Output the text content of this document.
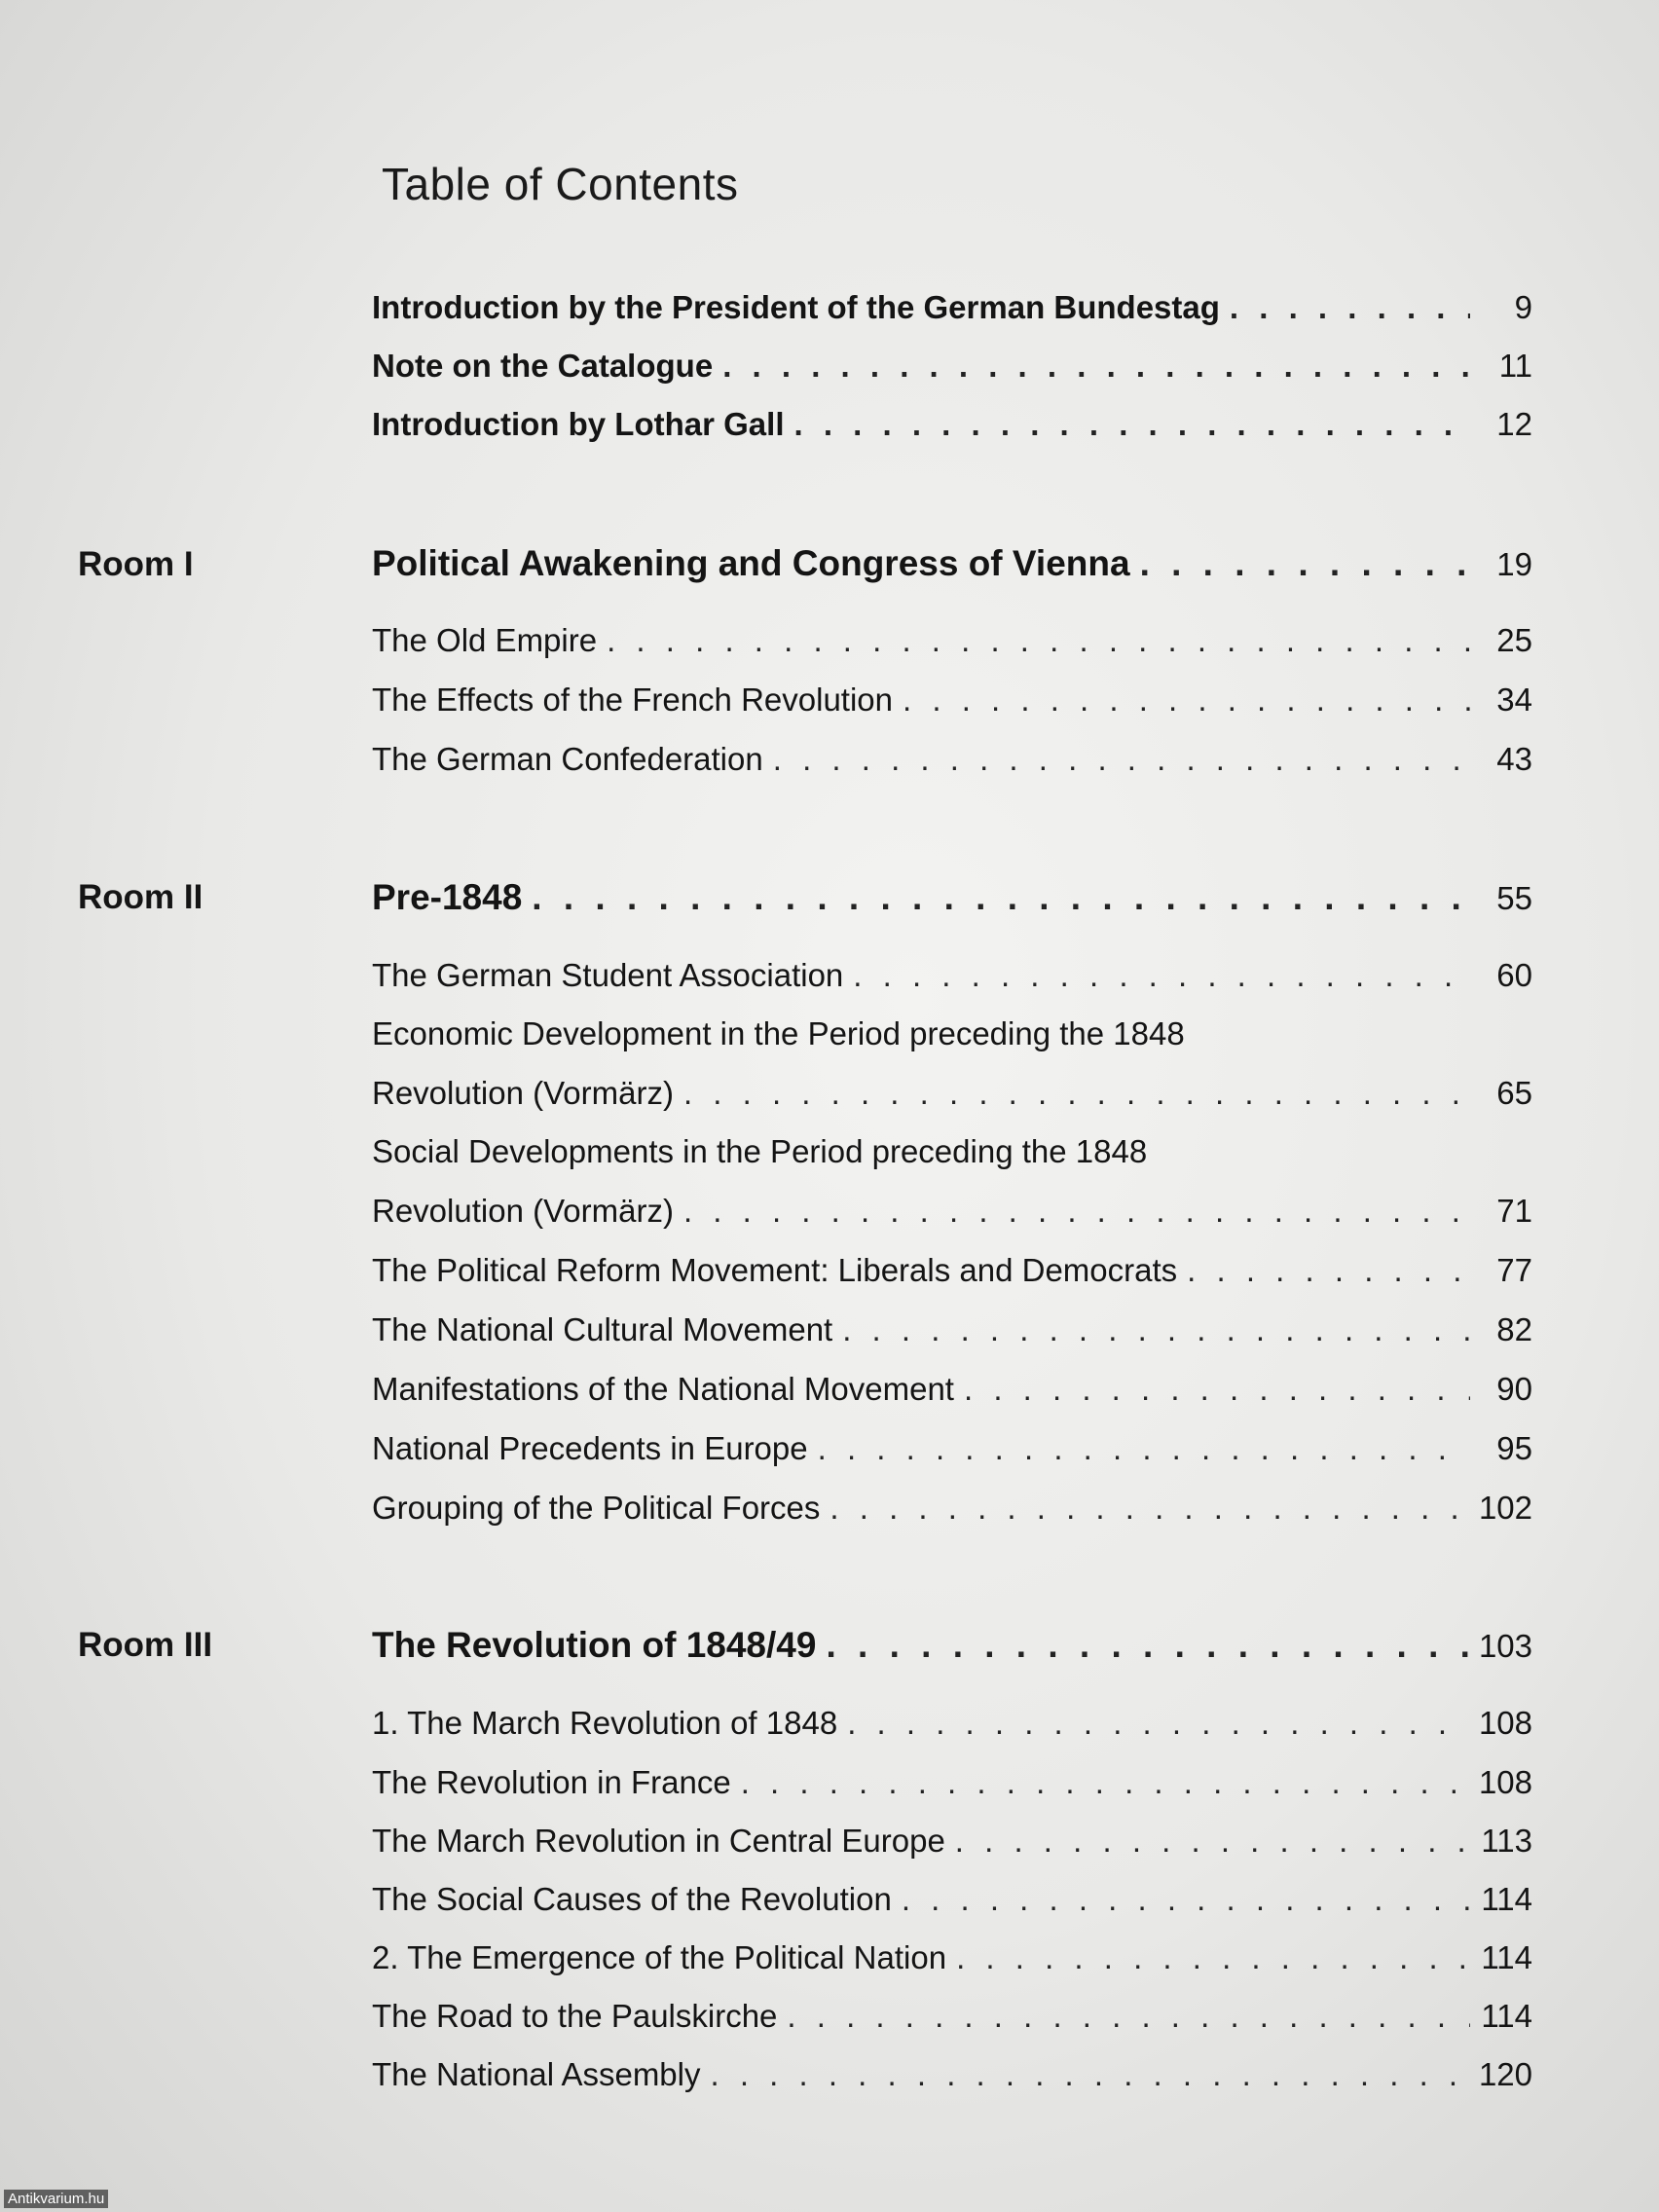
Table of Contents
Introduction by the President of the German Bundestag . . .	9
Note on the Catalogue . . .	11
Introduction by Lothar Gall . . .	12
Room I	Political Awakening and Congress of Vienna . . .	19
The Old Empire . . .	25
The Effects of the French Revolution . . .	34
The German Confederation . . .	43
Room II	Pre-1848 . . .	55
The German Student Association . . .	60
Economic Development in the Period preceding the 1848
Revolution (Vormärz) . . .	65
Social Developments in the Period preceding the 1848
Revolution (Vormärz) . . .	71
The Political Reform Movement: Liberals and Democrats . . .	77
The National Cultural Movement . . .	82
Manifestations of the National Movement . . .	90
National Precedents in Europe . . .	95
Grouping of the Political Forces . . .	102
Room III	The Revolution of 1848/49 . . .	103
1. The March Revolution of 1848 . . .	108
The Revolution in France . . .	108
The March Revolution in Central Europe . . .	113
The Social Causes of the Revolution . . .	114
2. The Emergence of the Political Nation . . .	114
The Road to the Paulskirche . . .	114
The National Assembly . . .	120
Antikvarium.hu
